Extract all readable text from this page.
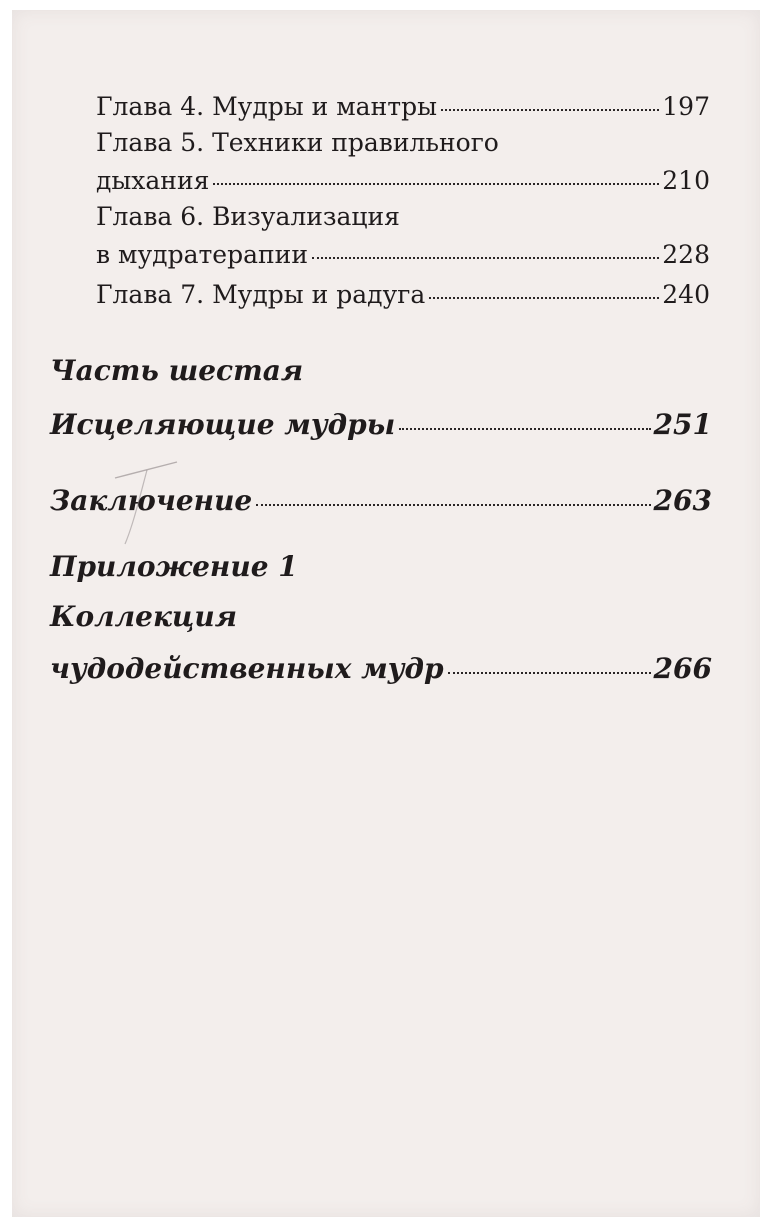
Глава 4. Мудры и мантры	197
Глава 5. Техники правильного
дыхания	210
Глава 6. Визуализация
в мудратерапии	228
Глава 7. Мудры и радуга	240
Часть шестая
Исцеляющие мудры	251
Заключение	263
Приложение 1
Коллекция
чудодейственных мудр	266
